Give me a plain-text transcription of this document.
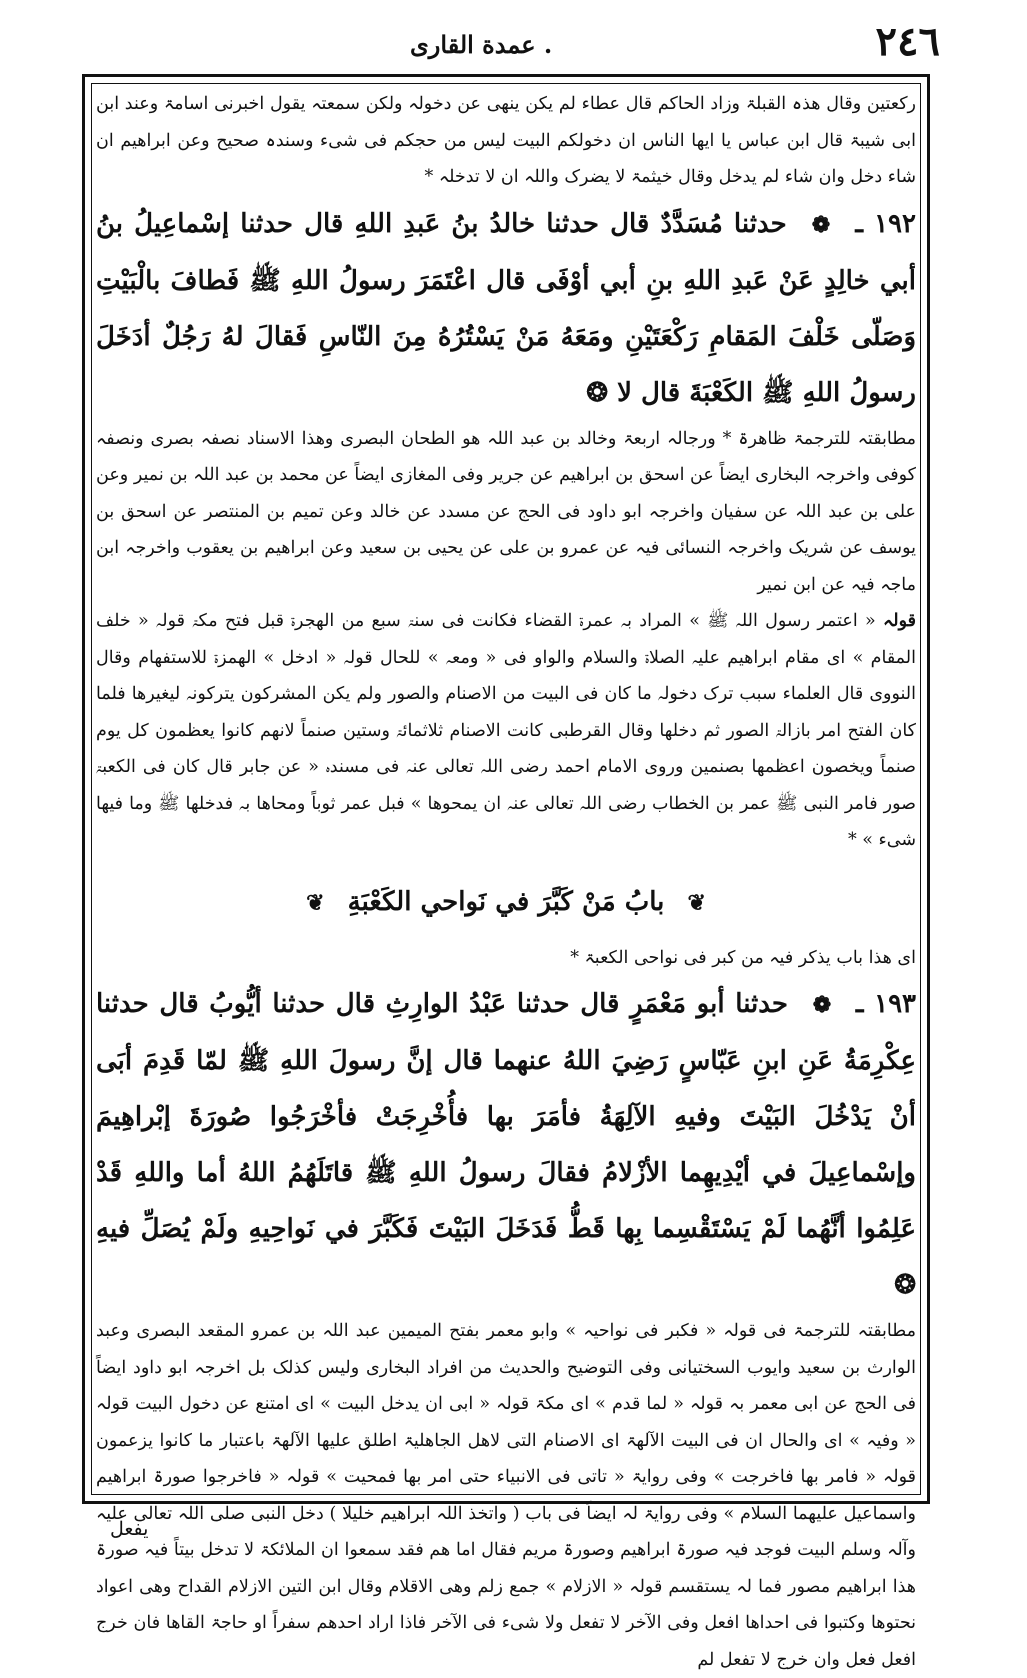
٢٤٦
عمدة القاری .

رکعتین وقال ھذہ القبلۃ وزاد الحاکم قال عطاء لم یکن ینھی عن دخولہ ولکن سمعتہ یقول اخبرنی اسامۃ وعند ابن ابی شیبۃ قال ابن عباس یا ایھا الناس ان دخولکم البیت لیس من حجکم فی شیء وسندہ صحیح وعن ابراھیم ان شاء دخل وان شاء لم یدخل وقال خیثمۃ لا یضرک واللہ ان لا تدخلہ *

١٩٢ ـ ❁ حدثنا مُسَدَّدٌ قال حدثنا خالدُ بنُ عَبدِ اللهِ قال حدثنا إسْماعِيلُ بنُ أبي خالِدٍ عَنْ عَبدِ اللهِ بنِ أبي أوْفَى قال اعْتَمَرَ رسولُ اللهِ ﷺ فَطافَ بالْبَيْتِ وَصَلّى خَلْفَ المَقامِ رَكْعَتَيْنِ ومَعَهُ مَنْ يَسْتُرُهُ مِنَ النّاسِ فَقالَ لهُ رَجُلٌ أدَخَلَ رسولُ اللهِ ﷺ الكَعْبَةَ قال لا ❂

مطابقتہ للترجمۃ ظاھرۃ * ورجالہ اربعۃ وخالد بن عبد اللہ ھو الطحان البصری وھذا الاسناد نصفہ بصری ونصفہ کوفی واخرجہ البخاری ایضاً عن اسحق بن ابراھیم عن جریر وفی المغازی ایضاً عن محمد بن عبد اللہ بن نمیر وعن علی بن عبد اللہ عن سفیان واخرجہ ابو داود فی الحج عن مسدد عن خالد وعن تمیم بن المنتصر عن اسحق بن یوسف عن شریک واخرجہ النسائی فیہ عن عمرو بن علی عن یحیی بن سعید وعن ابراھیم بن یعقوب واخرجہ ابن ماجہ فیہ عن ابن نمیر

قولہ « اعتمر رسول اللہ ﷺ » المراد بہ عمرۃ القضاء فکانت فی سنۃ سبع من الھجرۃ قبل فتح مکۃ قولہ « خلف المقام » ای مقام ابراھیم علیہ الصلاۃ والسلام والواو فی « ومعہ » للحال قولہ « ادخل » الھمزۃ للاستفھام وقال النووی قال العلماء سبب ترک دخولہ ما کان فی البیت من الاصنام والصور ولم یکن المشرکون یترکونہ لیغیرھا فلما کان الفتح امر بازالۃ الصور ثم دخلھا وقال القرطبی کانت الاصنام ثلاثمائۃ وستین صنماً لانھم کانوا یعظمون کل یوم صنماً ویخصون اعظمھا بصنمین وروی الامام احمد رضی اللہ تعالی عنہ فی مسندہ « عن جابر قال کان فی الکعبۃ صور فامر النبی ﷺ عمر بن الخطاب رضی اللہ تعالی عنہ ان یمحوھا » فبل عمر ثوباً ومحاھا بہ فدخلھا ﷺ وما فیھا شیء » *

❦ بابُ مَنْ كَبَّرَ في نَواحي الكَعْبَةِ ❦

ای ھذا باب یذکر فیہ من کبر فی نواحی الکعبۃ *

١٩٣ ـ ❁ حدثنا أبو مَعْمَرٍ قال حدثنا عَبْدُ الوارِثِ قال حدثنا أيُّوبُ قال حدثنا عِكْرِمَةُ عَنِ ابنِ عَبّاسٍ رَضِيَ اللهُ عنهما قال إنَّ رسولَ اللهِ ﷺ لمّا قَدِمَ أبَى أنْ يَدْخُلَ البَيْتَ وفيهِ الآلِهَةُ فأمَرَ بها فأُخْرِجَتْ فأخْرَجُوا صُورَةَ إبْراهِيمَ وإسْماعِيلَ في أيْدِيهِما الأزْلامُ فقالَ رسولُ اللهِ ﷺ قاتَلَهُمُ اللهُ أما واللهِ قَدْ عَلِمُوا أنَّهُما لَمْ يَسْتَقْسِما بِها قَطُّ فَدَخَلَ البَيْتَ فَكَبَّرَ في نَواحِيهِ ولَمْ يُصَلِّ فيهِ ❂

مطابقتہ للترجمۃ فی قولہ « فکبر فی نواحیہ » وابو معمر بفتح المیمین عبد اللہ بن عمرو المقعد البصری وعبد الوارث بن سعید وایوب السختیانی وفی التوضیح والحدیث من افراد البخاری ولیس کذلک بل اخرجہ ابو داود ایضاً فی الحج عن ابی معمر بہ قولہ « لما قدم » ای مکۃ قولہ « ابی ان یدخل البیت » ای امتنع عن دخول البیت قولہ « وفیہ » ای والحال ان فی البیت الآلھۃ ای الاصنام التی لاھل الجاھلیۃ اطلق علیھا الآلھۃ باعتبار ما کانوا یزعمون قولہ « فامر بھا فاخرجت » وفی روایۃ « تاتی فی الانبیاء حتی امر بھا فمحیت » قولہ « فاخرجوا صورۃ ابراھیم واسماعیل علیھما السلام » وفی روایۃ لہ ایضاً فی باب ( واتخذ اللہ ابراھیم خلیلا ) دخل النبی صلی اللہ تعالی علیہ وآلہ وسلم البیت فوجد فیہ صورۃ ابراھیم وصورۃ مریم فقال اما ھم فقد سمعوا ان الملائکۃ لا تدخل بیتاً فیہ صورۃ ھذا ابراھیم مصور فما لہ یستقسم قولہ « الازلام » جمع زلم وھی الاقلام وقال ابن التین الازلام القداح وھی اعواد نحتوھا وکتبوا فی احداھا افعل وفی الآخر لا تفعل ولا شیء فی الآخر فاذا اراد احدھم سفراً او حاجۃ القاھا فان خرج افعل فعل وان خرج لا تفعل لم

یفعل
